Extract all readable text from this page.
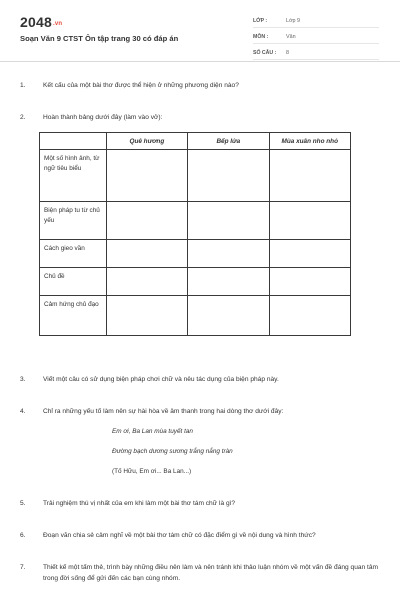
$2048^{.vn}$
Soạn Văn 9 CTST Ôn tập trang 30 có đáp án
LỚP :	Lớp 9
MÔN :	Văn
SỐ CÂU :	8
1.	Kết cấu của một bài thơ được thể hiện ở những phương diện nào?
2.	Hoàn thành bảng dưới đây (làm vào vở):
	Quê hương	Bếp lửa	Mùa xuân nho nhỏ
Một số hình ảnh, từ ngữ tiêu biểu			
Biện pháp tu từ chủ yếu			
Cách gieo vần			
Chủ đề			
Cảm hứng chủ đạo			
3.	Viết một câu có sử dụng biện pháp chơi chữ và nêu tác dụng của biện pháp này.
4.	Chỉ ra những yếu tố làm nên sự hài hòa về âm thanh trong hai dòng thơ dưới đây:
Em ơi, Ba Lan mùa tuyết tan
Đường bạch dương sương trắng nắng tràn
(Tố Hữu, Em ơi... Ba Lan...)
5.	Trải nghiệm thú vị nhất của em khi làm một bài thơ tám chữ là gì?
6.	Đoạn văn chia sẻ cảm nghĩ về một bài thơ tám chữ có đặc điểm gì về nội dung và hình thức?
7.	Thiết kế một tấm thẻ, trình bày những điều nên làm và nên tránh khi thảo luận nhóm về một vấn đề đáng quan tâm trong đời sống để gửi đến các bạn cùng nhóm.
